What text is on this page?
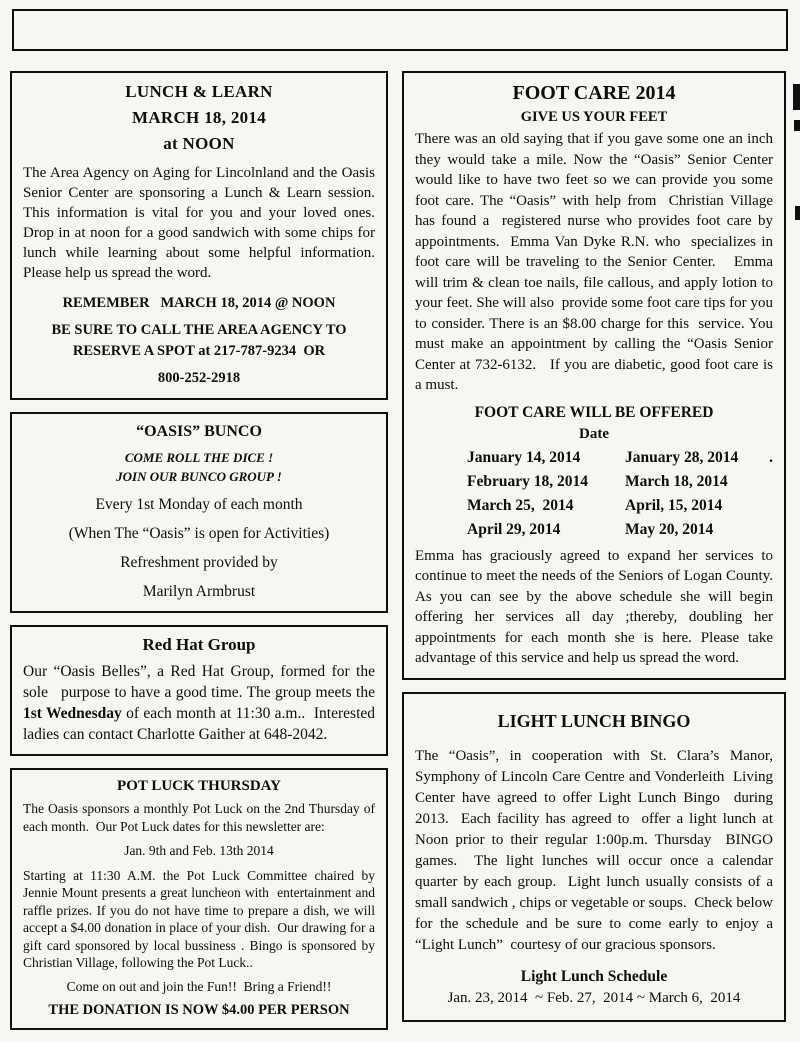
LUNCH & LEARN
MARCH 18, 2014
at NOON

The Area Agency on Aging for Lincolnland and the Oasis Senior Center are sponsoring a Lunch & Learn session. This information is vital for you and your loved ones. Drop in at noon for a good sandwich with some chips for lunch while learning about some helpful information. Please help us spread the word.

REMEMBER   MARCH 18, 2014 @ NOON

BE SURE TO CALL THE AREA AGENCY TO RESERVE A SPOT at 217-787-9234  OR

800-252-2918

“OASIS” BUNCO
COME ROLL THE DICE !
JOIN OUR BUNCO GROUP !
Every 1st Monday of each month
(When The “Oasis” is open for Activities)
Refreshment provided by
Marilyn Armbrust
Red Hat Group

Our “Oasis Belles”, a Red Hat Group, formed for the sole   purpose to have a good time. The group meets the 1st Wednesday of each month at 11:30 a.m..  Interested ladies can contact Charlotte Gaither at 648-2042.

POT LUCK THURSDAY

The Oasis sponsors a monthly Pot Luck on the 2nd Thursday of each month.  Our Pot Luck dates for this newsletter are:

Jan. 9th and Feb. 13th 2014

Starting at 11:30 A.M. the Pot Luck Committee chaired by Jennie Mount presents a great luncheon with  entertainment and raffle prizes. If you do not have time to prepare a dish, we will accept a $4.00 donation in place of your dish.  Our drawing for a gift card sponsored by local bussiness . Bingo is sponsored by Christian Village, following the Pot Luck..

Come on out and join the Fun!!  Bring a Friend!!

THE DONATION IS NOW $4.00 PER PERSON

FOOT CARE 2014
GIVE US YOUR FEET

There was an old saying that if you gave some one an inch they would take a mile. Now the “Oasis” Senior Center would like to have two feet so we can provide you some foot care. The “Oasis” with help from  Christian Village has found a  registered nurse who provides foot care by appointments.  Emma Van Dyke R.N. who  specializes in foot care will be traveling to the Senior Center.   Emma will trim & clean toe nails, file callous, and apply lotion to your feet. She will also  provide some foot care tips for you to consider. There is an $8.00 charge for this  service. You must make an appointment by calling the “Oasis Senior Center at 732-6132.   If you are diabetic, good foot care is a must.

FOOT CARE WILL BE OFFERED
Date
January 14, 2014	January 28, 2014	.
February 18, 2014	March 18, 2014
March 25,  2014	April, 15, 2014
April 29, 2014	May 20, 2014

Emma has graciously agreed to expand her services to continue to meet the needs of the Seniors of Logan County. As you can see by the above schedule she will begin offering her services all day ;thereby, doubling her appointments for each month she is here. Please take advantage of this service and help us spread the word.

LIGHT LUNCH BINGO

The “Oasis”, in cooperation with St. Clara’s Manor, Symphony of Lincoln Care Centre and Vonderleith  Living Center have agreed to offer Light Lunch Bingo  during 2013.  Each facility has agreed to  offer a light lunch at Noon prior to their regular 1:00p.m. Thursday  BINGO games.  The light lunches will occur once a calendar quarter by each group.  Light lunch usually consists of a small sandwich , chips or vegetable or soups.  Check below for the schedule and be sure to come early to enjoy a “Light Lunch”  courtesy of our gracious sponsors.

Light Lunch Schedule
Jan. 23, 2014  ~ Feb. 27,  2014 ~ March 6,  2014
